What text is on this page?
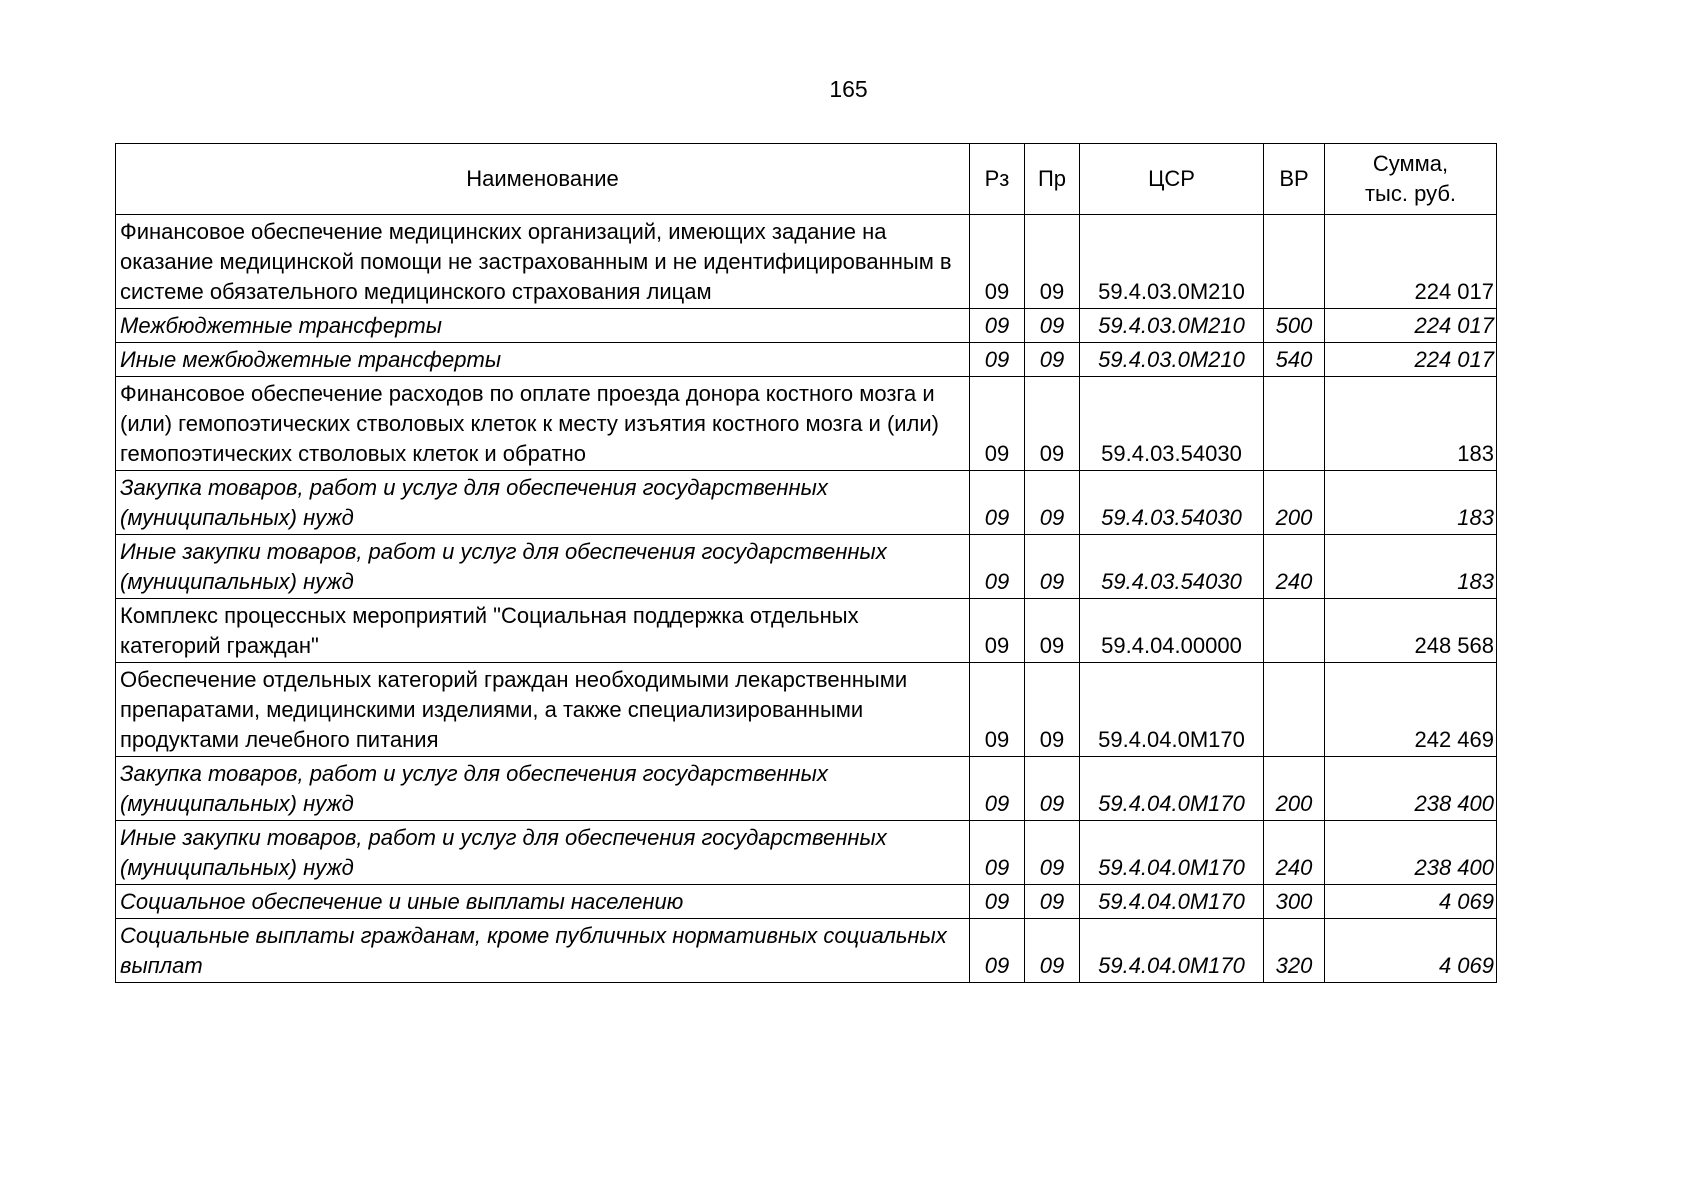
165
Наименование	Рз	Пр	ЦСР	ВР	Сумма,
тыс. руб.
Финансовое обеспечение медицинских организаций, имеющих задание на оказание медицинской помощи не застрахованным и не идентифицированным в системе обязательного медицинского страхования лицам	09	09	59.4.03.0М210		224 017
Межбюджетные трансферты	09	09	59.4.03.0М210	500	224 017
Иные межбюджетные трансферты	09	09	59.4.03.0М210	540	224 017
Финансовое обеспечение расходов по оплате проезда донора костного мозга и (или) гемопоэтических стволовых клеток к месту изъятия костного мозга и (или) гемопоэтических стволовых клеток и обратно	09	09	59.4.03.54030		183
Закупка товаров, работ и услуг для обеспечения государственных (муниципальных) нужд	09	09	59.4.03.54030	200	183
Иные закупки товаров, работ и услуг для обеспечения государственных (муниципальных) нужд	09	09	59.4.03.54030	240	183
Комплекс процессных мероприятий "Социальная поддержка отдельных категорий граждан"	09	09	59.4.04.00000		248 568
Обеспечение отдельных категорий граждан необходимыми лекарственными препаратами, медицинскими изделиями, а также специализированными продуктами лечебного питания	09	09	59.4.04.0М170		242 469
Закупка товаров, работ и услуг для обеспечения государственных (муниципальных) нужд	09	09	59.4.04.0М170	200	238 400
Иные закупки товаров, работ и услуг для обеспечения государственных (муниципальных) нужд	09	09	59.4.04.0М170	240	238 400
Социальное обеспечение и иные выплаты населению	09	09	59.4.04.0М170	300	4 069
Социальные выплаты гражданам, кроме публичных нормативных социальных выплат	09	09	59.4.04.0М170	320	4 069
